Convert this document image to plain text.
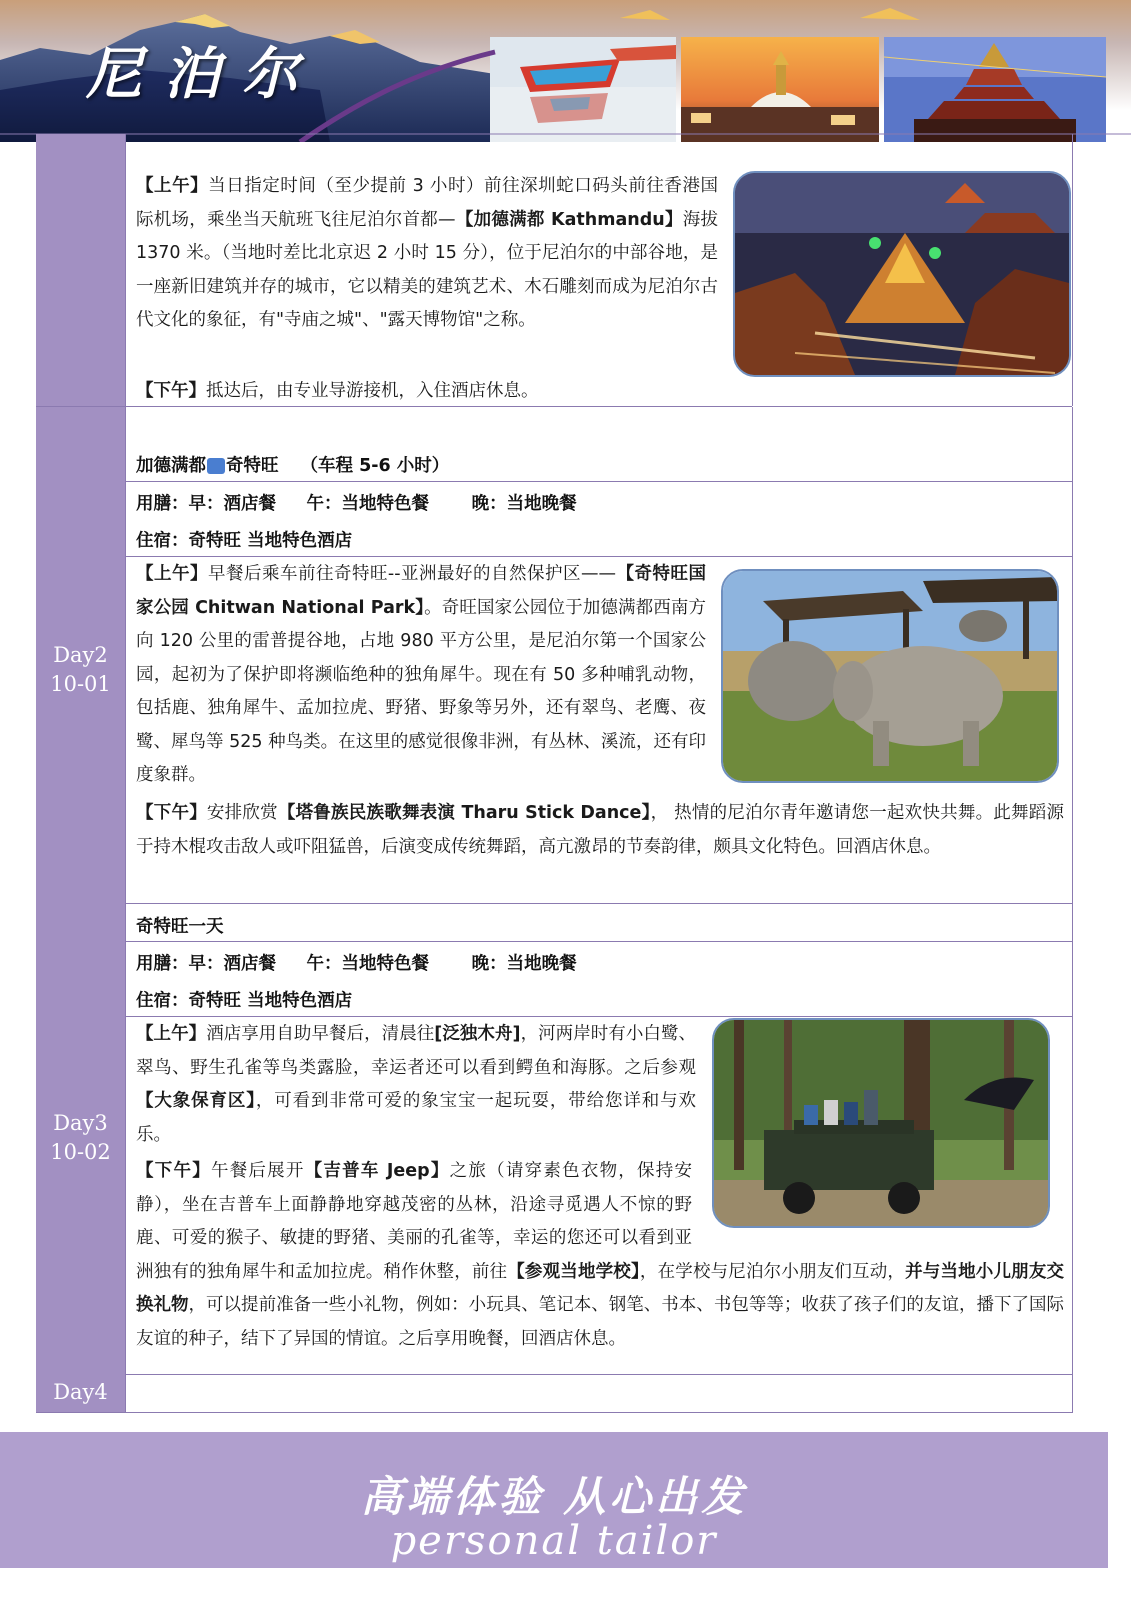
尼泊尔
【上午】当日指定时间（至少提前 3 小时）前往深圳蛇口码头前往香港国际机场，乘坐当天航班飞往尼泊尔首都—【加德满都 Kathmandu】海拔 1370 米。（当地时差比北京迟 2 小时 15 分），位于尼泊尔的中部谷地，是一座新旧建筑并存的城市，它以精美的建筑艺术、木石雕刻而成为尼泊尔古代文化的象征，有"寺庙之城"、"露天博物馆"之称。
【下午】抵达后，由专业导游接机，入住酒店休息。
Day2
10-01
加德满都 奇特旺 （车程 5-6 小时）
用膳：早：酒店餐     午：当地特色餐       晚：当地晚餐
住宿：奇特旺 当地特色酒店
【上午】早餐后乘车前往奇特旺--亚洲最好的自然保护区——【奇特旺国家公园 Chitwan National Park】。奇旺国家公园位于加德满都西南方向 120 公里的雷普提谷地，占地 980 平方公里，是尼泊尔第一个国家公园，起初为了保护即将濒临绝种的独角犀牛。现在有 50 多种哺乳动物，包括鹿、独角犀牛、孟加拉虎、野猪、野象等另外，还有翠鸟、老鹰、夜鹭、犀鸟等 525 种鸟类。在这里的感觉很像非洲，有丛林、溪流，还有印度象群。
【下午】安排欣赏【塔鲁族民族歌舞表演 Tharu Stick Dance】， 热情的尼泊尔青年邀请您一起欢快共舞。此舞蹈源于持木棍攻击敌人或吓阻猛兽，后演变成传统舞蹈，高亢激昂的节奏韵律，颇具文化特色。回酒店休息。
Day3
10-02
奇特旺一天
用膳：早：酒店餐     午：当地特色餐       晚：当地晚餐
住宿：奇特旺 当地特色酒店
【上午】酒店享用自助早餐后，清晨往[泛独木舟]，河两岸时有小白鹭、翠鸟、野生孔雀等鸟类露脸，幸运者还可以看到鳄鱼和海豚。之后参观【大象保育区】，可看到非常可爱的象宝宝一起玩耍，带给您详和与欢乐。
【下午】午餐后展开【吉普车 Jeep】之旅（请穿素色衣物，保持安静），坐在吉普车上面静静地穿越茂密的丛林，沿途寻觅遇人不惊的野鹿、可爱的猴子、敏捷的野猪、美丽的孔雀等，幸运的您还可以看到亚洲独有的独角犀牛和孟加拉虎。稍作休整，前往【参观当地学校】，在学校与尼泊尔小朋友们互动，并与当地小儿朋友交换礼物，可以提前准备一些小礼物，例如：小玩具、笔记本、钢笔、书本、书包等等；收获了孩子们的友谊，播下了国际友谊的种子，结下了异国的情谊。之后享用晚餐，回酒店休息。
Day4
高端体验 从心出发
personal tailor
